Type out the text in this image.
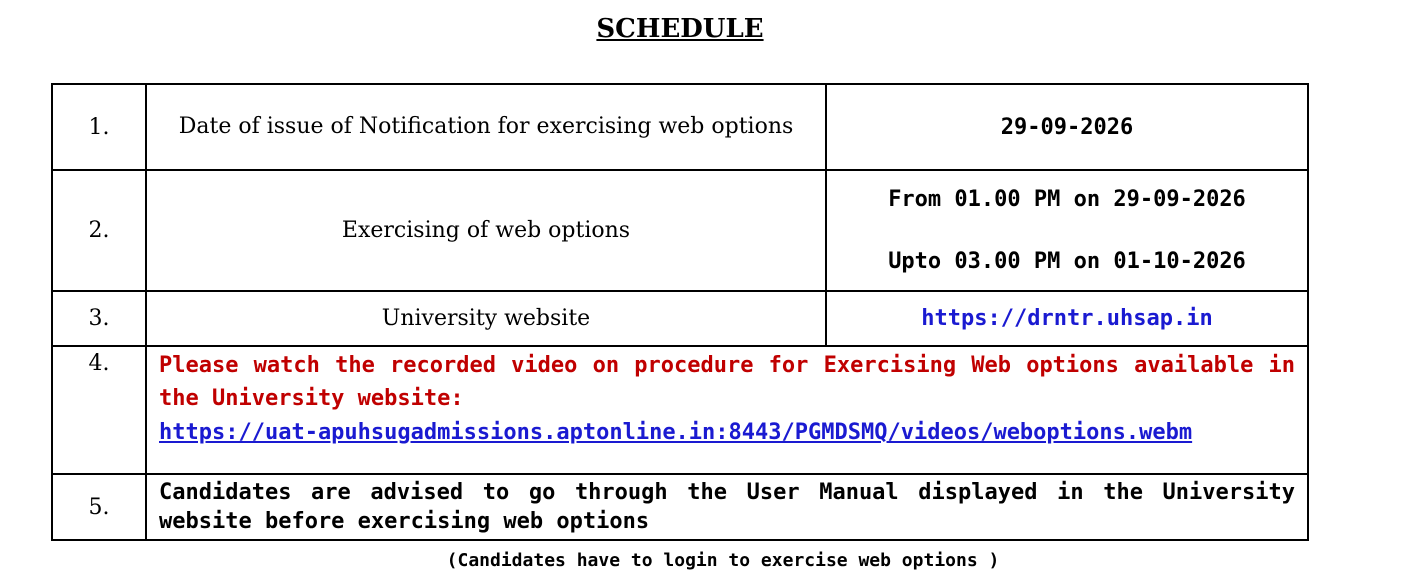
SCHEDULE
1.	Date of issue of Notification for exercising web options	29-09-2026
2.	Exercising of web options	From 01.00 PM on 29-09-2026
Upto 03.00 PM on 01-10-2026

3.	University website	https://drntr.uhsap.in
4.	Please watch the recorded video on procedure for Exercising Web options available in the University website:
https://uat-apuhsugadmissions.aptonline.in:8443/PGMDSMQ/videos/weboptions.webm	

5.	Candidates are advised to go through the User Manual displayed in the University website before exercising web options	
(Candidates have to login to exercise web options )
